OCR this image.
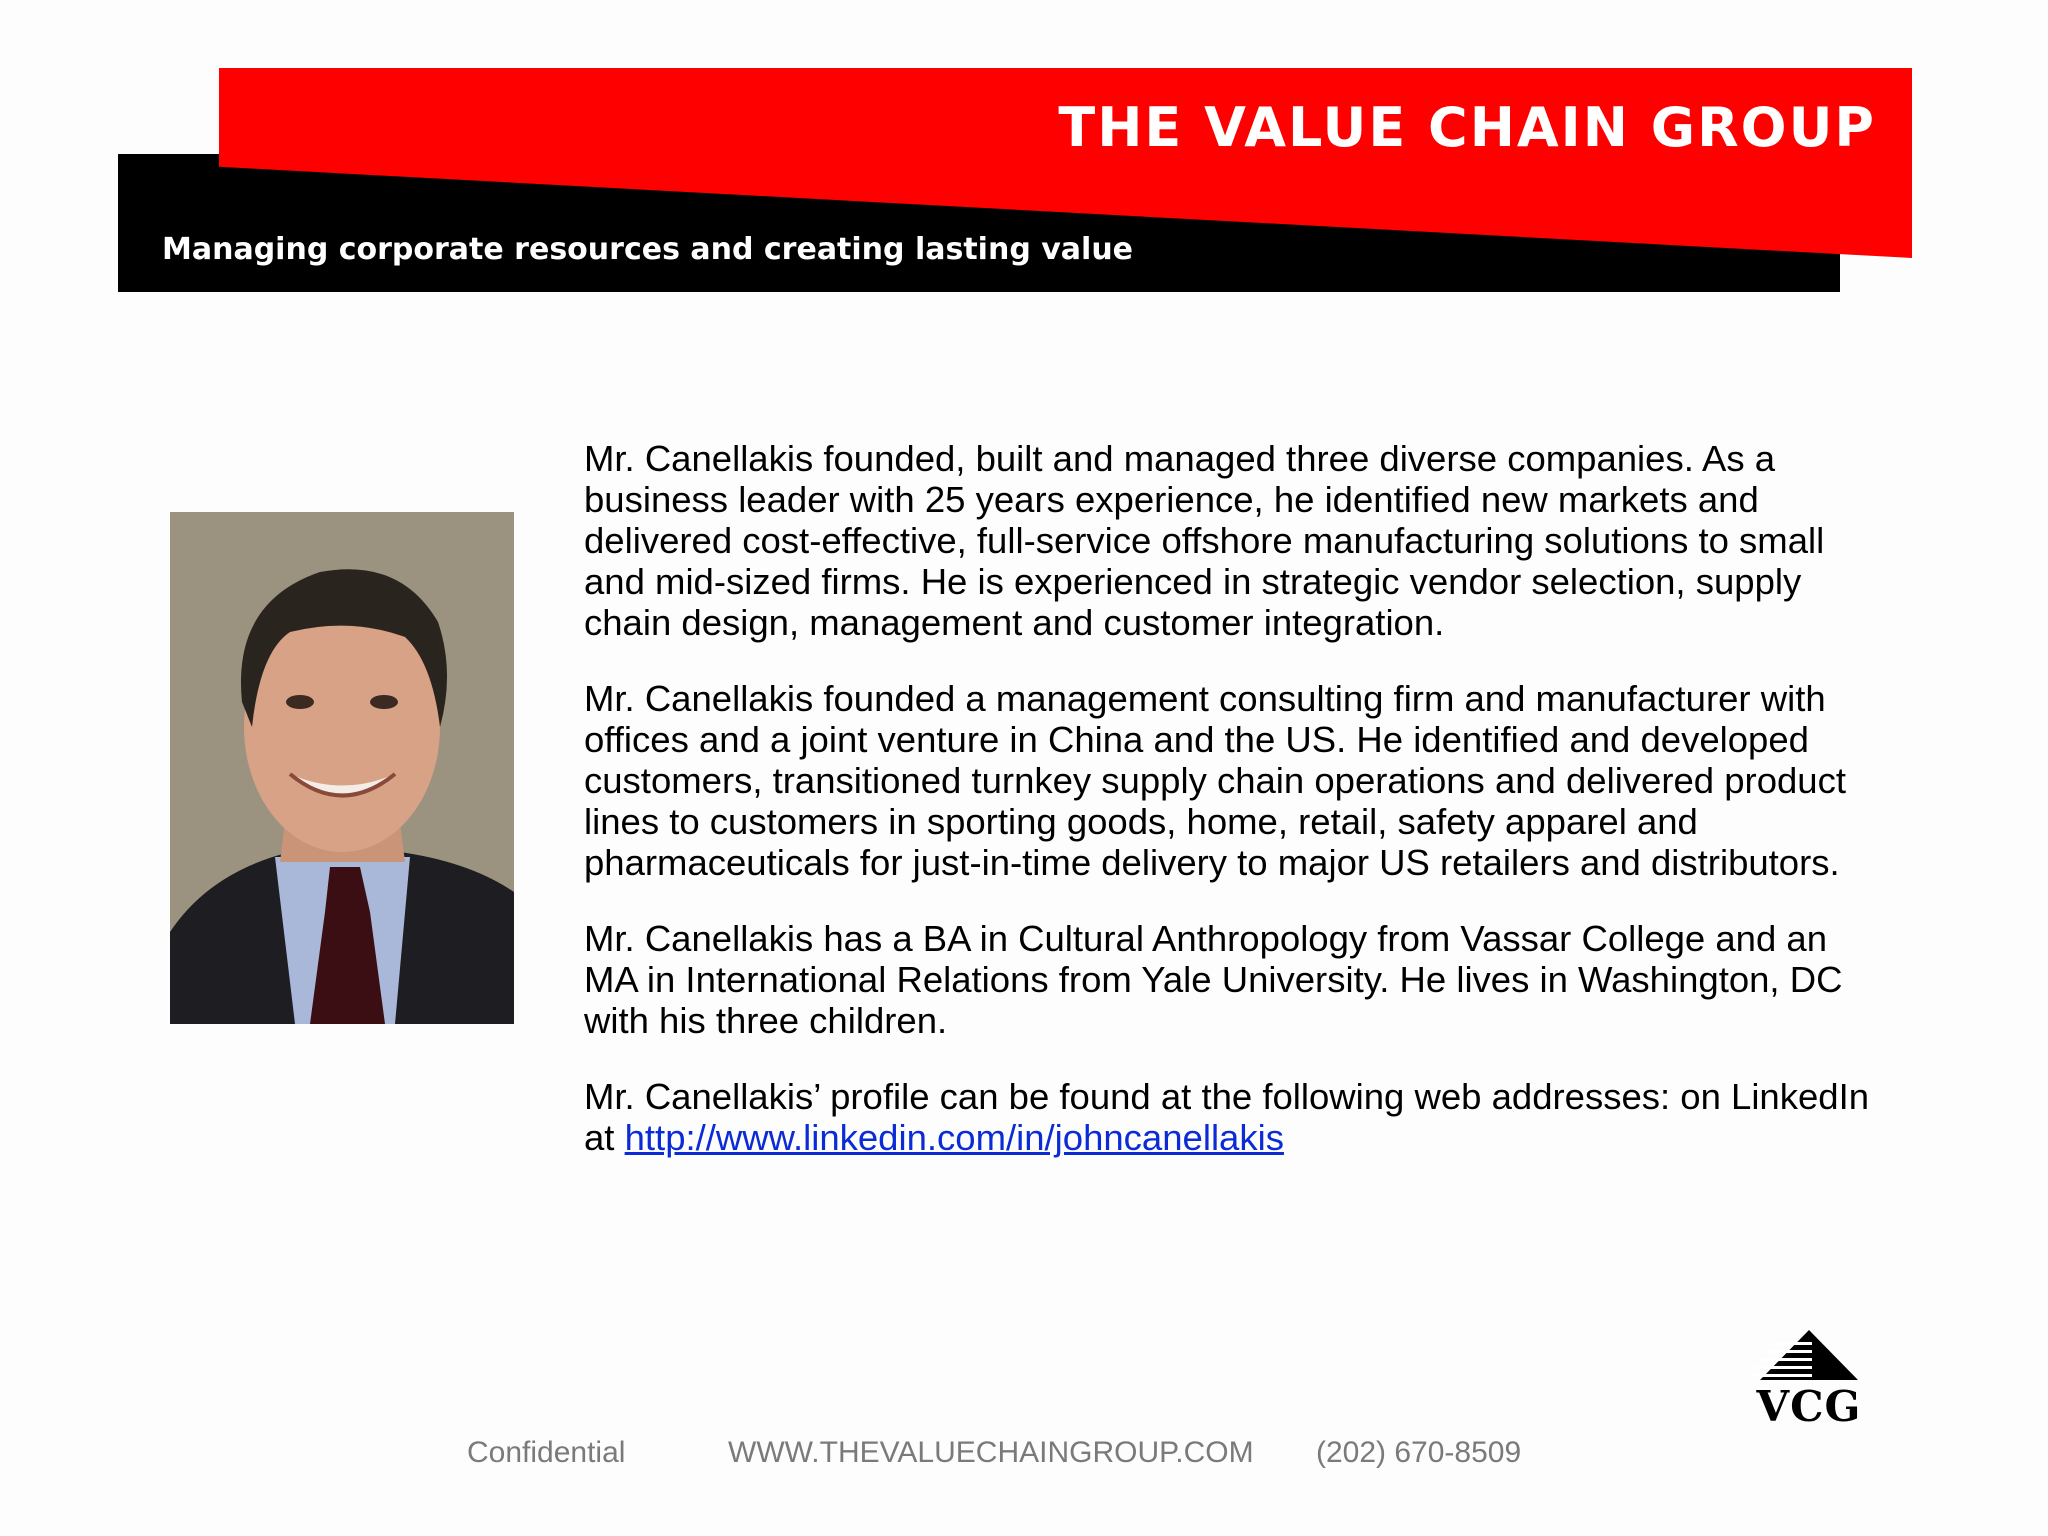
THE VALUE CHAIN GROUP
Managing corporate resources and creating lasting value

Mr. Canellakis founded, built and managed three diverse companies. As a business leader with 25 years experience, he identified new markets and delivered cost-effective, full-service offshore manufacturing solutions to small and mid-sized firms. He is experienced in strategic vendor selection, supply chain design, management and customer integration.

Mr. Canellakis founded a management consulting firm and manufacturer with offices and a joint venture in China and the US. He identified and developed customers, transitioned turnkey supply chain operations and delivered product lines to customers in sporting goods, home, retail, safety apparel and pharmaceuticals for just-in-time delivery to major US retailers and distributors.

Mr. Canellakis has a BA in Cultural Anthropology from Vassar College and an MA in International Relations from Yale University. He lives in Washington, DC with his three children.

Mr. Canellakis’ profile can be found at the following web addresses: on LinkedIn at http://www.linkedin.com/in/johncanellakis

VCG
Confidential	WWW.THEVALUECHAINGROUP.COM (202) 670-8509
